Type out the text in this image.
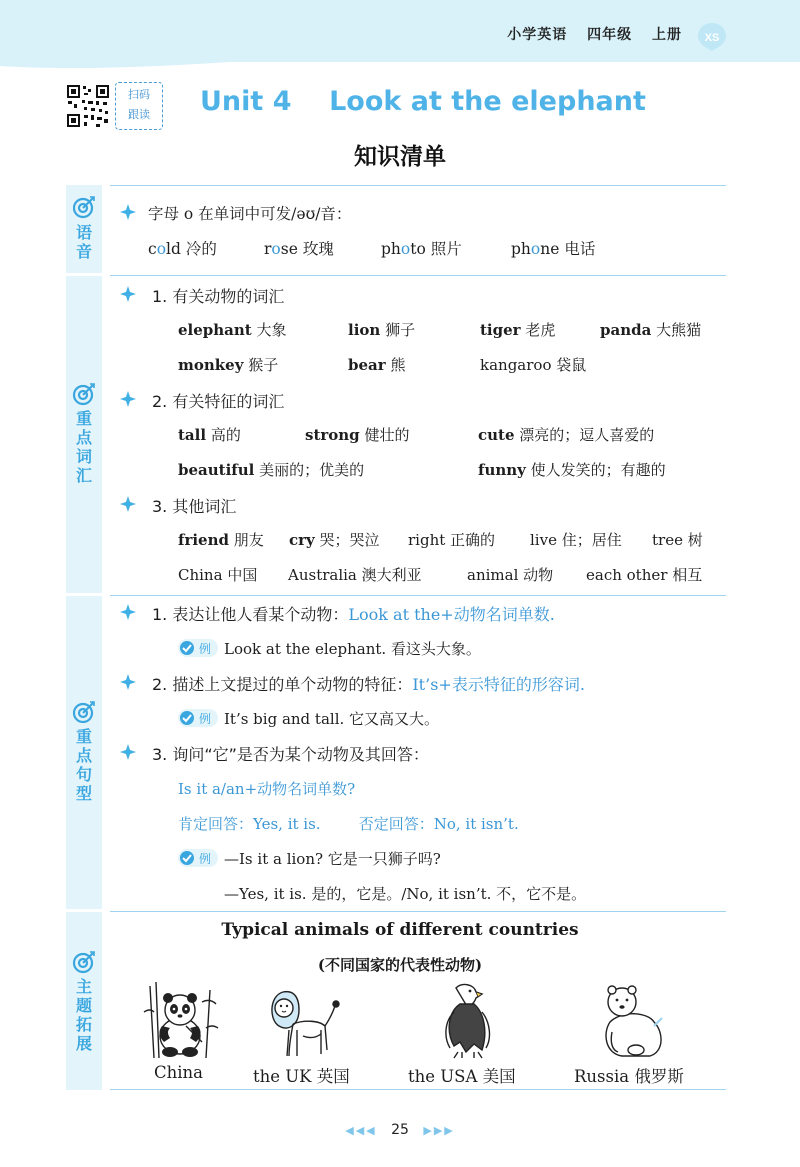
小学英语 四年级 上册 XS
扫码
跟读	Unit 4    Look at the elephant
知识清单
语
音
重
点
词
汇
重
点
句
型
主
题
拓
展
字母 o 在单词中可发/əʊ/音：
cold 冷的	rose 玫瑰	photo 照片	phone 电话
1. 有关动物的词汇
elephant 大象	lion 狮子	tiger 老虎	panda 大熊猫
monkey 猴子	bear 熊	kangaroo 袋鼠
2. 有关特征的词汇
tall 高的	strong 健壮的	cute 漂亮的；逗人喜爱的
beautiful 美丽的；优美的	funny 使人发笑的；有趣的
3. 其他词汇
friend 朋友 cry 哭；哭泣 right 正确的 live 住；居住 tree 树
China 中国 Australia 澳大利亚	animal 动物 each other 相互
1. 表达让他人看某个动物：Look at the+动物名词单数.
例 Look at the elephant. 看这头大象。
2. 描述上文提过的单个动物的特征：It’s+表示特征的形容词.
例 It’s big and tall. 它又高又大。
3. 询问“它”是否为某个动物及其回答：
Is it a/an+动物名词单数?
肯定回答：Yes, it is.        否定回答：No, it isn’t.
例 —Is it a lion? 它是一只狮子吗?
—Yes, it is. 是的，它是。/No, it isn’t. 不，它不是。
Typical animals of different countries
(不同国家的代表性动物)
China	the UK 英国	the USA 美国	Russia 俄罗斯
◀◀◀ 25 ▶▶▶
